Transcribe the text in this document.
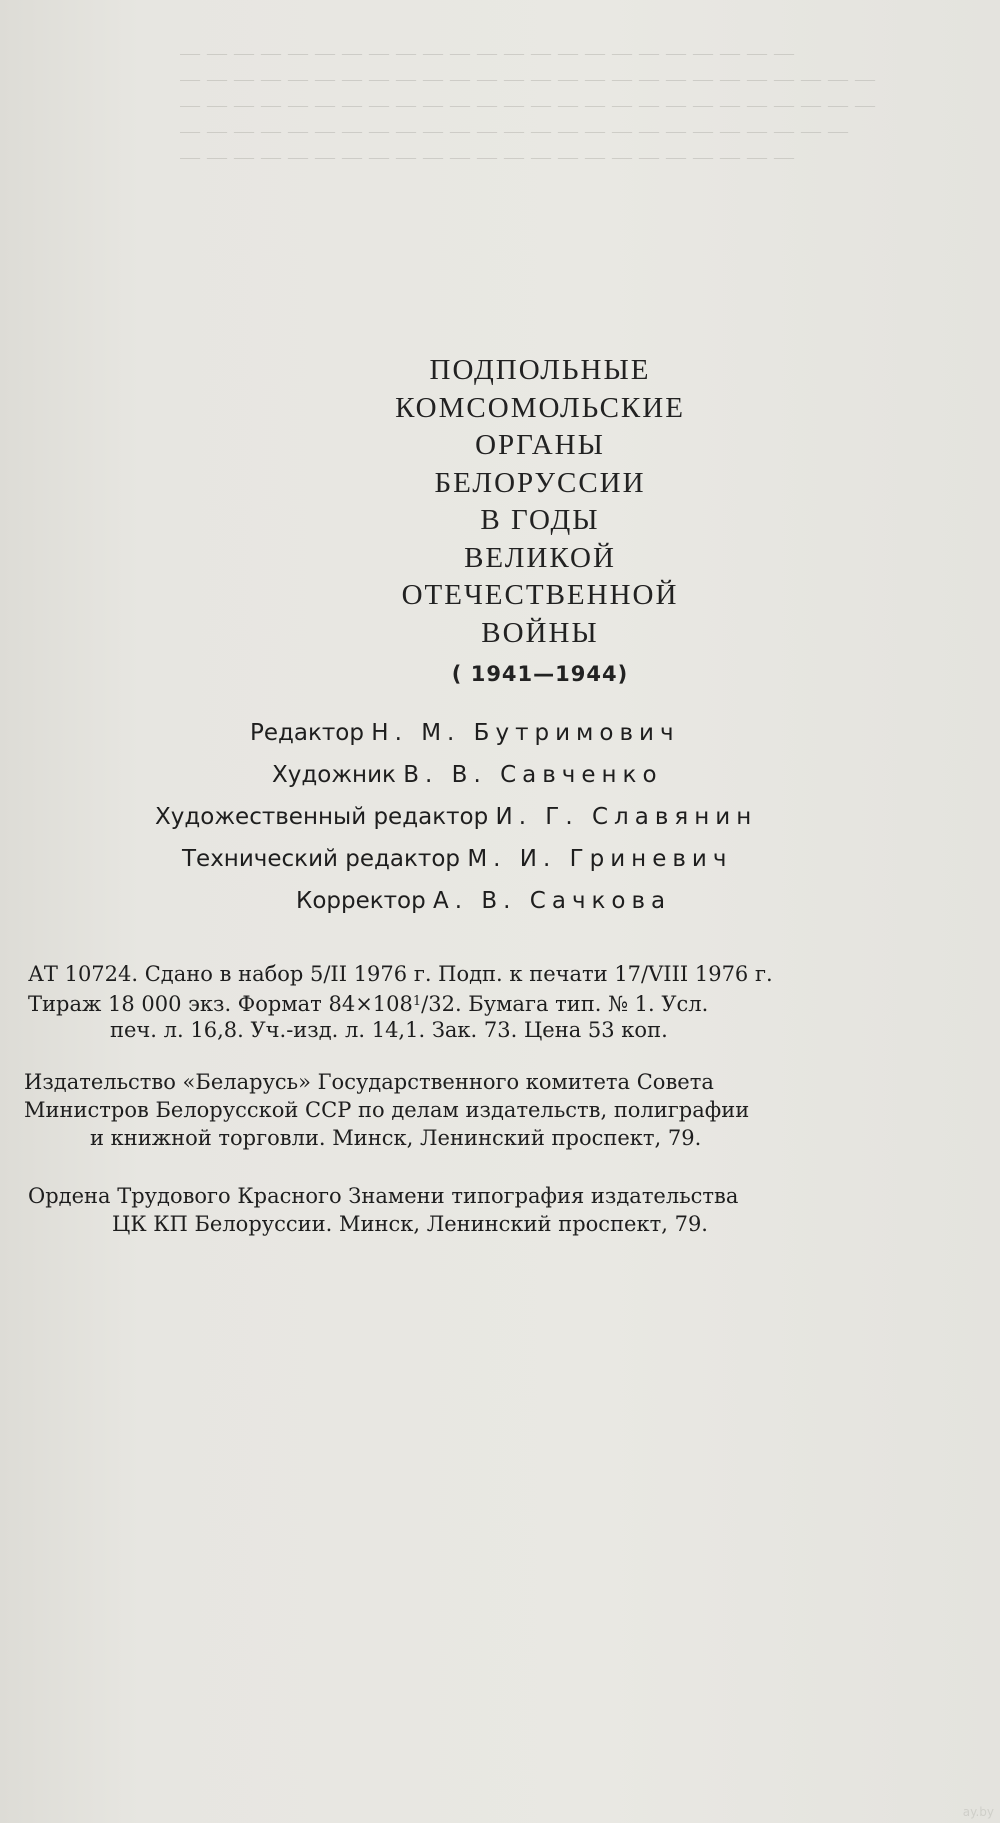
— — — — — — — — — — — — — — — — — — — — — — —
— — — — — — — — — — — — — — — — — — — — — — — — — —
— — — — — — — — — — — — — — — — — — — — — — — — — —
— — — — — — — — — — — — — — — — — — — — — — — — —
— — — — — — — — — — — — — — — — — — — — — — —
ПОДПОЛЬНЫЕ
КОМСОМОЛЬСКИЕ
ОРГАНЫ
БЕЛОРУССИИ
В ГОДЫ
ВЕЛИКОЙ
ОТЕЧЕСТВЕННОЙ
ВОЙНЫ
( 1941—1944)
Редактор Н. М. Бутримович
Художник В. В. Савченко
Художественный редактор И. Г. Славянин
Технический редактор М. И. Гриневич
Корректор А. В. Сачкова
АТ 10724. Сдано в набор 5/II 1976 г. Подп. к печати 17/VIII 1976 г.
Тираж 18 000 экз. Формат $84\times 108^1/32$. Бумага тип. № 1. Усл.
печ. л. 16,8. Уч.-изд. л. 14,1. Зак. 73. Цена 53 коп.
Издательство «Беларусь» Государственного комитета Совета
Министров Белорусской ССР по делам издательств, полиграфии
и книжной торговли. Минск, Ленинский проспект, 79.
Ордена Трудового Красного Знамени типография издательства
ЦК КП Белоруссии. Минск, Ленинский проспект, 79.
ay.by
